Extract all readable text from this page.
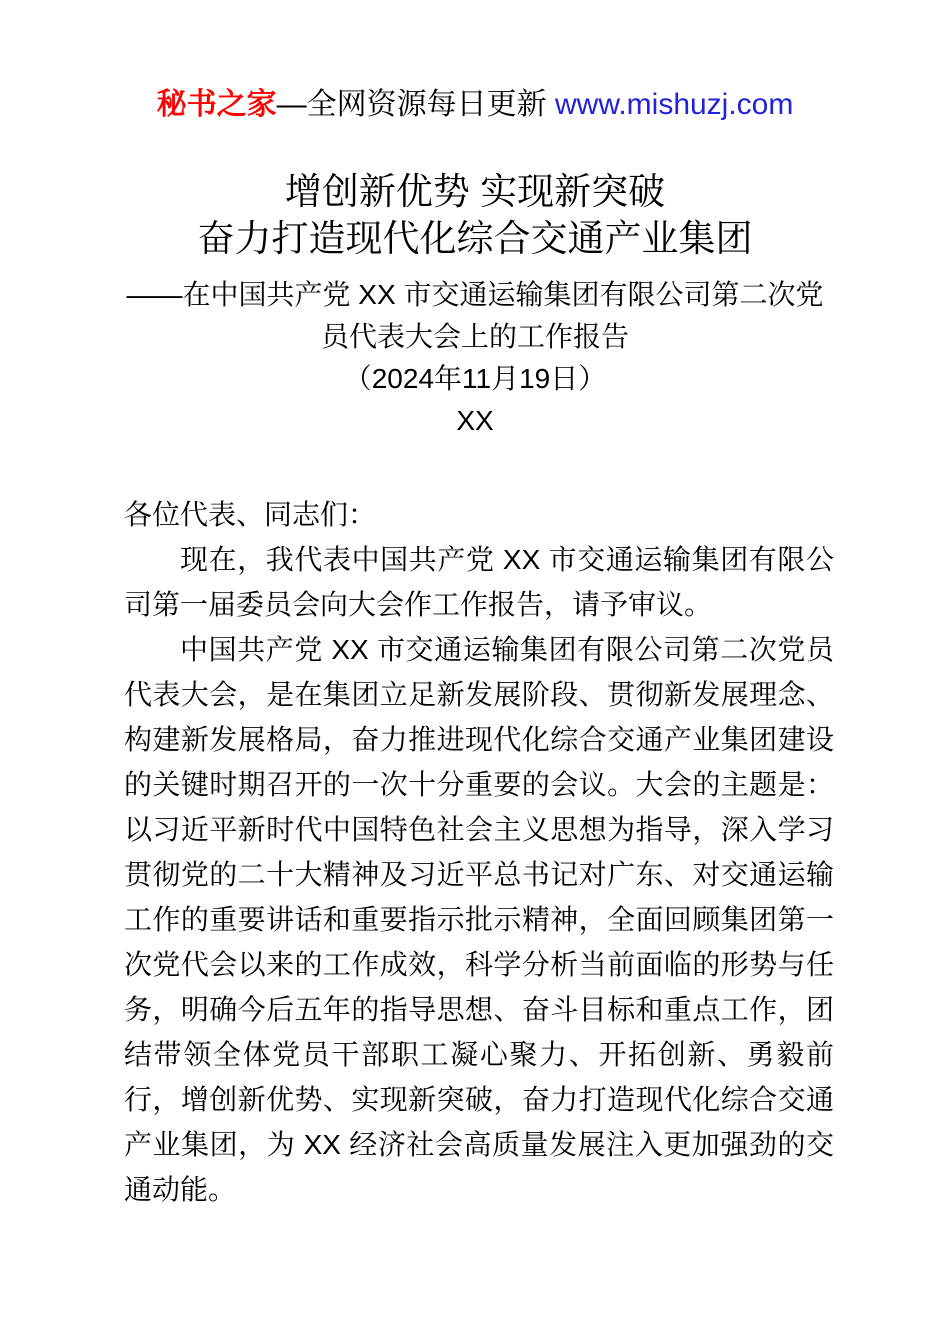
秘书之家—全网资源每日更新 www.mishuzj.com
增创新优势 实现新突破
奋力打造现代化综合交通产业集团
——在中国共产党 XX 市交通运输集团有限公司第二次党
员代表大会上的工作报告
（2024年11月19日）
XX

各位代表、同志们：

现在，我代表中国共产党 XX 市交通运输集团有限公司第一届委员会向大会作工作报告，请予审议。

中国共产党 XX 市交通运输集团有限公司第二次党员代表大会，是在集团立足新发展阶段、贯彻新发展理念、构建新发展格局，奋力推进现代化综合交通产业集团建设的关键时期召开的一次十分重要的会议。大会的主题是：以习近平新时代中国特色社会主义思想为指导，深入学习贯彻党的二十大精神及习近平总书记对广东、对交通运输工作的重要讲话和重要指示批示精神，全面回顾集团第一次党代会以来的工作成效，科学分析当前面临的形势与任务，明确今后五年的指导思想、奋斗目标和重点工作，团结带领全体党员干部职工凝心聚力、开拓创新、勇毅前行，增创新优势、实现新突破，奋力打造现代化综合交通产业集团，为 XX 经济社会高质量发展注入更加强劲的交通动能。
